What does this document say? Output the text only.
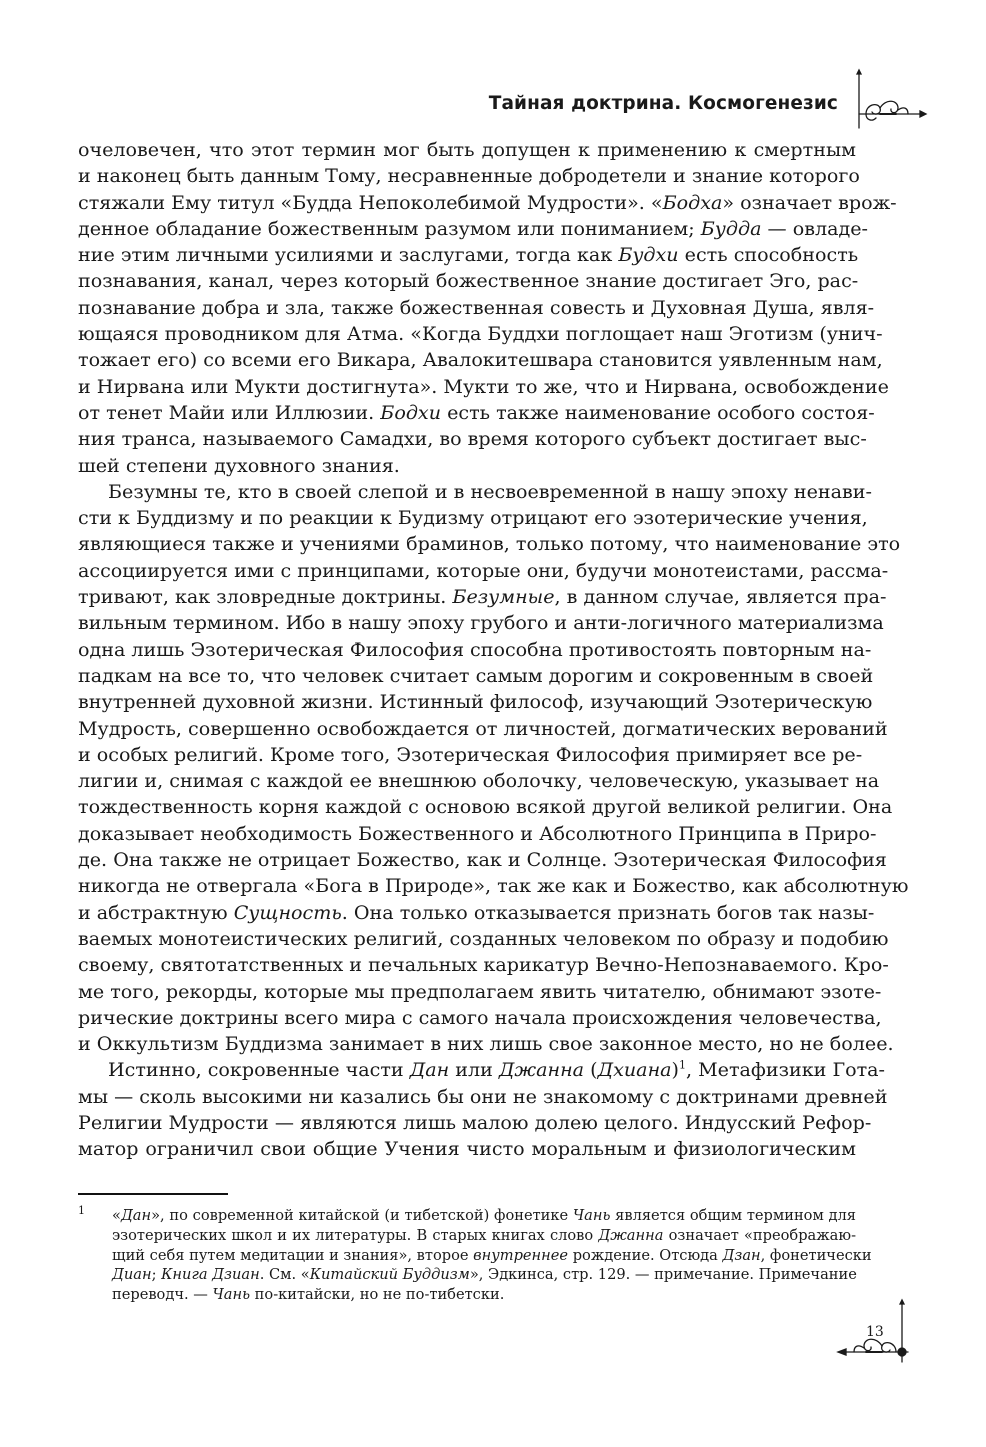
Тайная доктрина. Космогенезис
очеловечен, что этот термин мог быть допущен к применению к смертным
и наконец быть данным Тому, несравненные добродетели и знание которого
стяжали Ему титул «Будда Непоколебимой Мудрости». «Бодха» означает врож-
денное обладание божественным разумом или пониманием; Будда — овладе-
ние этим личными усилиями и заслугами, тогда как Будхи есть способность
познавания, канал, через который божественное знание достигает Эго, рас-
познавание добра и зла, также божественная совесть и Духовная Душа, явля-
ющаяся проводником для Атма. «Когда Буддхи поглощает наш Эготизм (унич-
тожает его) со всеми его Викара, Авалокитешвара становится уявленным нам,
и Нирвана или Мукти достигнута». Мукти то же, что и Нирвана, освобождение
от тенет Майи или Иллюзии. Бодхи есть также наименование особого состоя-
ния транса, называемого Самадхи, во время которого субъект достигает выс-
шей степени духовного знания.
Безумны те, кто в своей слепой и в несвоевременной в нашу эпоху ненави-
сти к Буддизму и по реакции к Будизму отрицают его эзотерические учения,
являющиеся также и учениями браминов, только потому, что наименование это
ассоциируется ими с принципами, которые они, будучи монотеистами, рассма-
тривают, как зловредные доктрины. Безумные, в данном случае, является пра-
вильным термином. Ибо в нашу эпоху грубого и анти-логичного материализма
одна лишь Эзотерическая Философия способна противостоять повторным на-
падкам на все то, что человек считает самым дорогим и сокровенным в своей
внутренней духовной жизни. Истинный философ, изучающий Эзотерическую
Мудрость, совершенно освобождается от личностей, догматических верований
и особых религий. Кроме того, Эзотерическая Философия примиряет все ре-
лигии и, снимая с каждой ее внешнюю оболочку, человеческую, указывает на
тождественность корня каждой с основою всякой другой великой религии. Она
доказывает необходимость Божественного и Абсолютного Принципа в Приро-
де. Она также не отрицает Божество, как и Солнце. Эзотерическая Философия
никогда не отвергала «Бога в Природе», так же как и Божество, как абсолютную
и абстрактную Сущность. Она только отказывается признать богов так назы-
ваемых монотеистических религий, созданных человеком по образу и подобию
своему, святотатственных и печальных карикатур Вечно-Непознаваемого. Кро-
ме того, рекорды, которые мы предполагаем явить читателю, обнимают эзоте-
рические доктрины всего мира с самого начала происхождения человечества,
и Оккультизм Буддизма занимает в них лишь свое законное место, но не более.
Истинно, сокровенные части Дан или Джанна (Дхиана)$^1$, Метафизики Гота-
мы — сколь высокими ни казались бы они не знакомому с доктринами древней
Религии Мудрости — являются лишь малою долею целого. Индусский Рефор-
матор ограничил свои общие Учения чисто моральным и физиологическим
1 «Дан», по современной китайской (и тибетской) фонетике Чань является общим термином для
эзотерических школ и их литературы. В старых книгах слово Джанна означает «преображаю-
щий себя путем медитации и знания», второе внутреннее рождение. Отсюда Дзан, фонетически
Диан; Книга Дзиан. См. «Китайский Буддизм», Эдкинса, стр. 129. — примечание. Примечание
переводч. — Чань по-китайски, но не по-тибетски.
13
